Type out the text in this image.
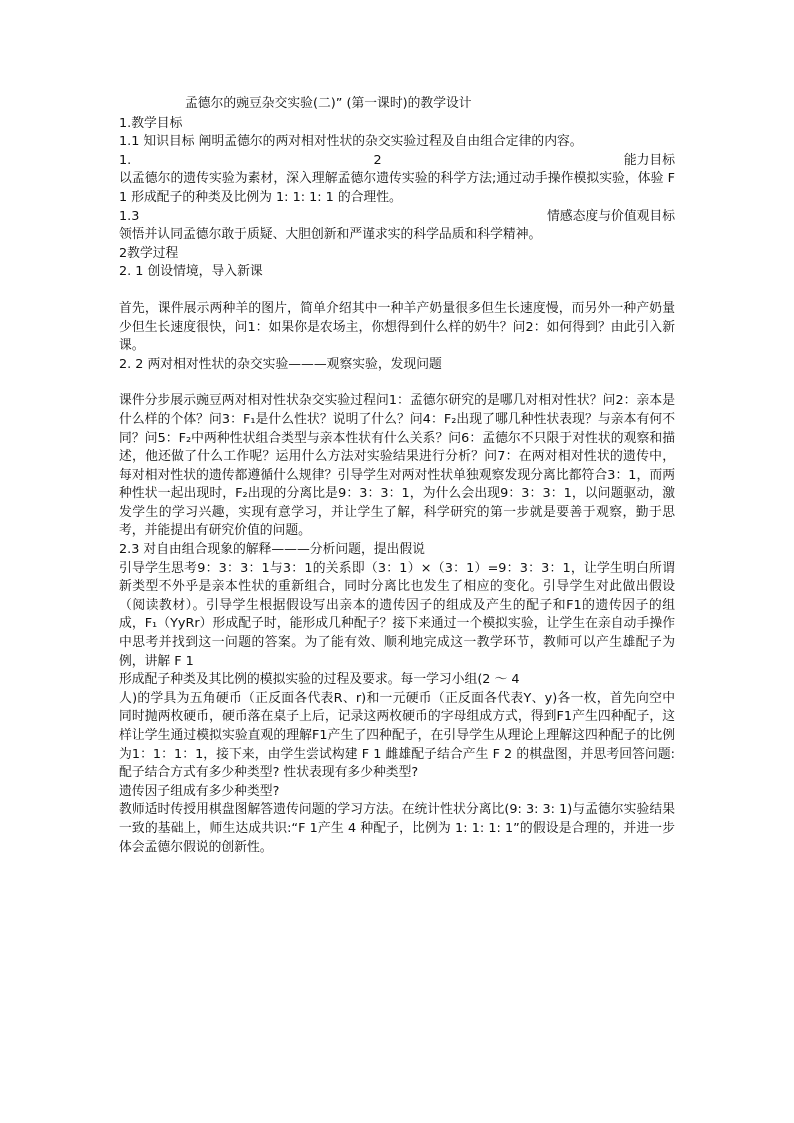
孟德尔的豌豆杂交实验(二)” (第一课时)的教学设计
1.教学目标
1.1 知识目标 阐明孟德尔的两对相对性状的杂交实验过程及自由组合定律的内容。
1.	2	能力目标
以孟德尔的遗传实验为素材，深入理解孟德尔遗传实验的科学方法;通过动手操作模拟实验，体验 F 1 形成配子的种类及比例为 1: 1: 1: 1 的合理性。
1.3	情感态度与价值观目标
领悟并认同孟德尔敢于质疑、大胆创新和严谨求实的科学品质和科学精神。
2教学过程
2. 1 创设情境，导入新课
首先，课件展示两种羊的图片，简单介绍其中一种羊产奶量很多但生长速度慢，而另外一种产奶量少但生长速度很快，问1：如果你是农场主，你想得到什么样的奶牛？问2：如何得到？由此引入新课。
2. 2 两对相对性状的杂交实验———观察实验，发现问题
课件分步展示豌豆两对相对性状杂交实验过程问1：孟德尔研究的是哪几对相对性状？问2：亲本是什么样的个体？问3：F₁是什么性状？说明了什么？问4：F₂出现了哪几种性状表现？与亲本有何不同？问5：F₂中两种性状组合类型与亲本性状有什么关系？问6：孟德尔不只限于对性状的观察和描述，他还做了什么工作呢？运用什么方法对实验结果进行分析？问7：在两对相对性状的遗传中，每对相对性状的遗传都遵循什么规律？引导学生对两对性状单独观察发现分离比都符合3：1，而两种性状一起出现时，F₂出现的分离比是9：3：3：1，为什么会出现9：3：3：1，以问题驱动，激发学生的学习兴趣，实现有意学习，并让学生了解，科学研究的第一步就是要善于观察，勤于思考，并能提出有研究价值的问题。
2.3 对自由组合现象的解释———分析问题，提出假说
引导学生思考9：3：3：1与3：1的关系即（3：1）×（3：1）=9：3：3：1，让学生明白所谓新类型不外乎是亲本性状的重新组合，同时分离比也发生了相应的变化。引导学生对此做出假设（阅读教材）。引导学生根据假设写出亲本的遗传因子的组成及产生的配子和F1的遗传因子的组成，F₁（YyRr）形成配子时，能形成几种配子？接下来通过一个模拟实验，让学生在亲自动手操作中思考并找到这一问题的答案。为了能有效、顺利地完成这一教学环节，教师可以产生雄配子为例，讲解 F 1
形成配子种类及其比例的模拟实验的过程及要求。每一学习小组(2 ～ 4
人)的学具为五角硬币（正反面各代表R、r)和一元硬币（正反面各代表Y、y)各一枚，首先向空中同时抛两枚硬币，硬币落在桌子上后，记录这两枚硬币的字母组成方式，得到F1产生四种配子，这样让学生通过模拟实验直观的理解F1产生了四种配子，在引导学生从理论上理解这四种配子的比例为1：1：1：1，接下来，由学生尝试构建 F 1 雌雄配子结合产生 F 2 的棋盘图，并思考回答问题:配子结合方式有多少种类型? 性状表现有多少种类型?
遗传因子组成有多少种类型?
教师适时传授用棋盘图解答遗传问题的学习方法。在统计性状分离比(9: 3: 3: 1)与孟德尔实验结果一致的基础上，师生达成共识:“F 1产生 4 种配子，比例为 1: 1: 1: 1”的假设是合理的，并进一步体会孟德尔假说的创新性。
